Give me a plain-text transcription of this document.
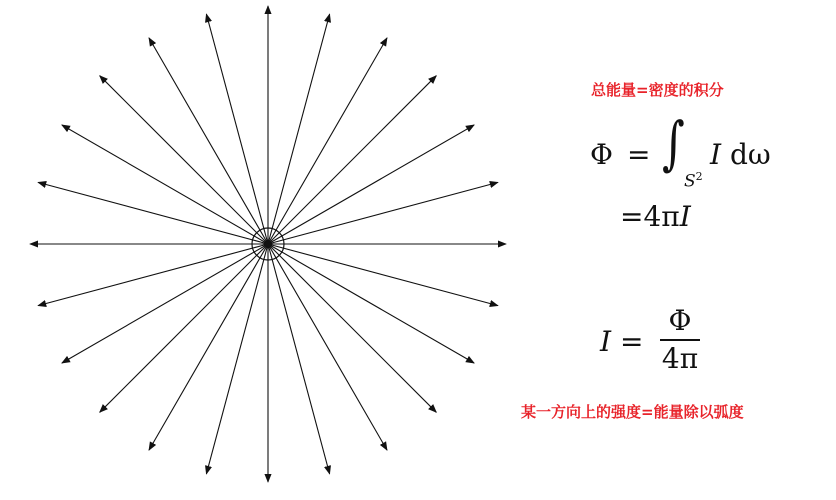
总能量=密度的积分
Φ = ∫
$S^2$
I dω
=4πI
I =
Φ
4π
某一方向上的强度=能量除以弧度
